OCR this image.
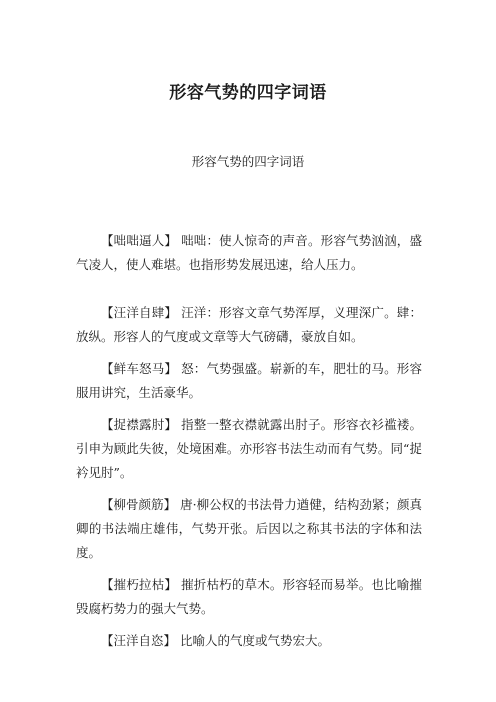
形容气势的四字词语
形容气势的四字词语

【咄咄逼人】 咄咄：使人惊奇的声音。形容气势汹汹，盛气凌人，使人难堪。也指形势发展迅速，给人压力。

【汪洋自肆】 汪洋：形容文章气势浑厚，义理深广。肆：放纵。形容人的气度或文章等大气磅礴，豪放自如。

【鲜车怒马】 怒：气势强盛。崭新的车，肥壮的马。形容服用讲究，生活豪华。

【捉襟露肘】 指整一整衣襟就露出肘子。形容衣衫褴褛。引申为顾此失彼，处境困难。亦形容书法生动而有气势。同“捉衿见肘”。

【柳骨颜筋】 唐·柳公权的书法骨力遒健，结构劲紧；颜真卿的书法端庄雄伟，气势开张。后因以之称其书法的字体和法度。

【摧朽拉枯】 摧折枯朽的草木。形容轻而易举。也比喻摧毁腐朽势力的强大气势。

【汪洋自恣】 比喻人的气度或气势宏大。
